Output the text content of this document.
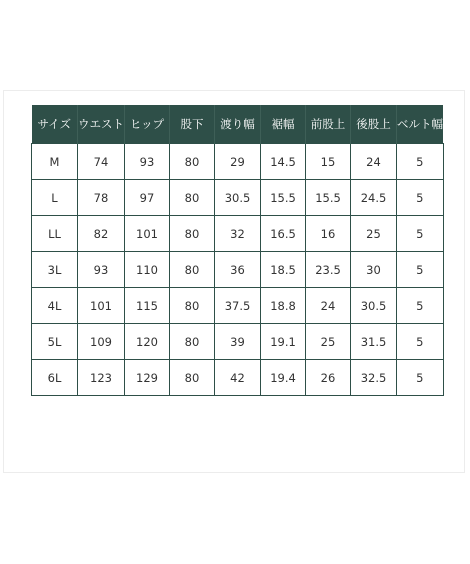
サイズ	ウエスト	ヒップ	股下	渡り幅	裾幅	前股上	後股上	ベルト幅
M	74	93	80	29	14.5	15	24	5
L	78	97	80	30.5	15.5	15.5	24.5	5
LL	82	101	80	32	16.5	16	25	5
3L	93	110	80	36	18.5	23.5	30	5
4L	101	115	80	37.5	18.8	24	30.5	5
5L	109	120	80	39	19.1	25	31.5	5
6L	123	129	80	42	19.4	26	32.5	5
